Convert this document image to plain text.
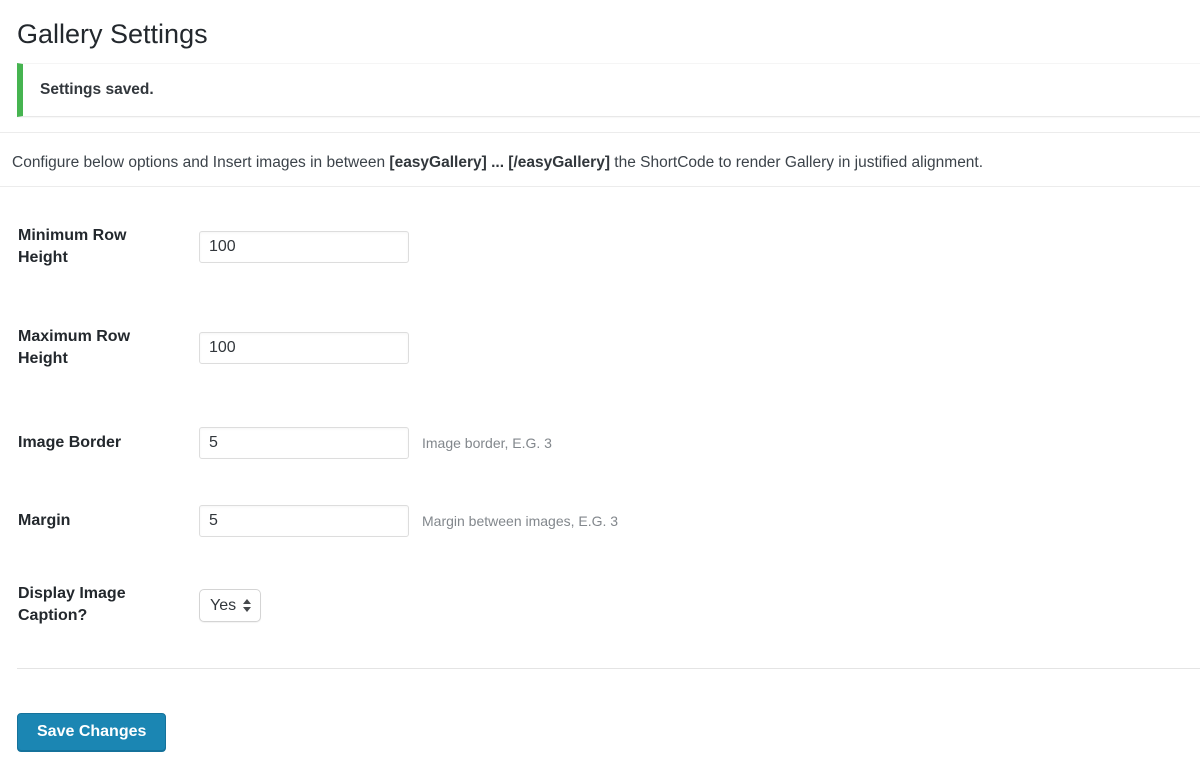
Gallery Settings

Settings saved.

Configure below options and Insert images in between [easyGallery] ... [/easyGallery] the ShortCode to render Gallery in justified alignment.
Minimum Row Height
100
Maximum Row Height
100
Image Border
5	Image border, E.G. 3
Margin
5	Margin between images, E.G. 3
Display Image Caption?
Yes
Save Changes
